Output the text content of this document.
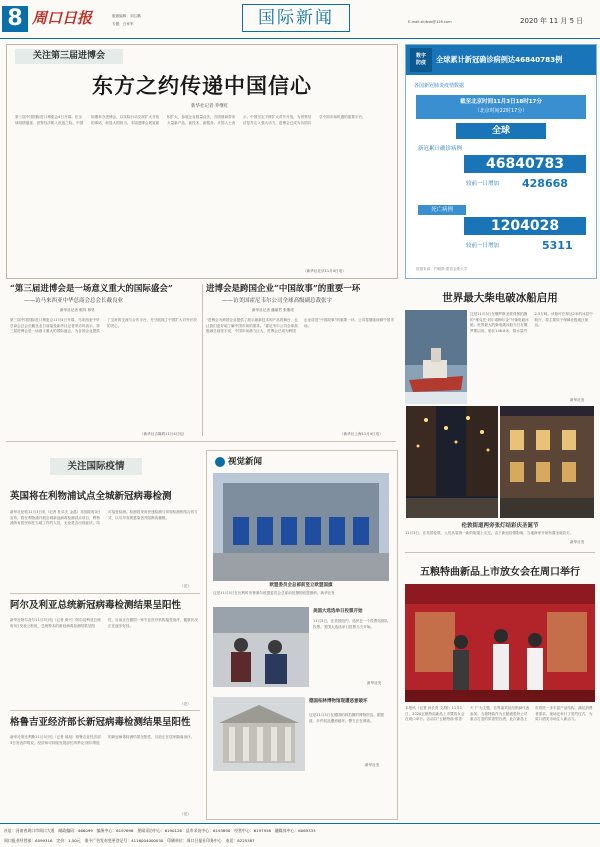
8 周口日报	版面编辑：刘召鹏
专题：白家军	国际新闻	E-mail:zkrbsb@126.com	2020 年 11 月 5 日
关注第三届进博会
东方之约传递中国信心
新华社记者 乔继红
第三届中国国际进口博览会4日开幕。在全球疫情蔓延、世界经济陷入低迷之际，中国如期举办进博会，以实际行动兑现扩大开放的承诺，彰显大国担当。本届进博会展览面积扩大，参展企业数量众多，各国展商带来大量新产品、新技术、新服务。多国人士表示，中国坚定不移扩大对外开放，为世界经济复苏注入强大动力，进博会已成为各国共享中国市场机遇的重要平台。
（新华社北京11月4日电）
“第三届进博会是一场意义重大的国际盛会”
——访马来西亚中华总商会总会长戴良业
新华社记者 郁玮 林昊
第三届中国国际进口博览会11月4日开幕。马来西亚中华总商会总会长戴良业日前接受新华社记者采访时表示，第三届进博会是一场意义重大的国际盛会，为各国企业提供了宝贵的交流与合作平台，充分展现了中国扩大对外开放的决心。
（新华社吉隆坡11月4日电）
进博会是跨国企业“中国故事”的重要一环
——访美国霍尼韦尔公司全球高级副总裁张宇
新华社记者 潘丽君 张墨成
“进博会为跨国企业提供了展示最新技术和产品的舞台，也让我们更好地了解中国市场的需求。”霍尼韦尔公司全球高级副总裁张宇说，中国市场潜力巨大，进博会已成为跨国企业讲述“中国故事”的重要一环，公司将继续深耕中国市场。
（新华社上海11月4日电）
数字
防疫	全球累计新冠确诊病例达46840783例
各国新冠肺炎疫情数据
截至北京时间11月3日18时17分
（北京时间22时17分）
全球
新冠累计确诊病例
46840783
较前一日增加 428668
死亡病例
1204028
较前一日增加	5311
数据来源：约翰斯·霍普金斯大学
世界最大柴电破冰船启用
这是11月3日在俄罗斯圣彼得堡拍摄的“维克托·切尔诺梅尔金”号柴电破冰船。世界最大的柴电破冰船当日在俄罗斯启用，船长146.8米，排水量约2.5万吨。该船可在厚达2米的冰层中航行，将主要用于保障北极地区航运。
新华社发
伦敦街道两旁张灯结彩庆圣诞节
11月3日，在英国伦敦，人们从装饰一新的街道上走过。由于新冠疫情影响，当地商家开始布置圣诞彩灯。
新华社发
五粮特曲新品上市放女会在周口举行
本报讯（记者 孙长青 文/图）11月1日，2020五粮特曲新品上市暨放女会在周口举行。活动以“五粮特曲·浓香天下”为主题，各界嘉宾及经销商代表参加。五粮特曲作为五粮液股份公司重点打造的浓香型白酒，此次新品上市将进一步丰富产品结构，满足消费者需求。现场还举行了签约仪式，为周口酒类市场注入新活力。
关注国际疫情
英国将在利物浦试点全城新冠病毒检测
新华社伦敦11月3日电（记者 杜卓夫 金晶）英国政府3日宣布，将在利物浦开展全城新冠病毒检测试点项目，利物浦所有居民和在当地工作的人员，无论是否出现症状，均可接受检测。检测将采用快速检测与常规检测相结合的方式，以尽早发现感染者并阻断传播链。
（完）
阿尔及利亚总统新冠病毒检测结果呈阳性
新华社阿尔及尔11月3日电（记者 黄兴）阿尔及利亚总统府3日发表公报说，总统特本的新冠病毒检测结果呈阳性，目前正在德国一家专业医疗机构接受治疗，健康状况正在逐步好转。
（完）
格鲁吉亚经济部长新冠病毒检测结果呈阳性
新华社第比利斯11月3日电（记者 郝旭）格鲁吉亚经济部3日发表声明说，经济和可持续发展部长纳季克·图尔纳娃的新冠病毒检测结果呈阳性，目前正在居家隔离治疗。
（完）
视觉新闻
欧盟委员会总部前竖立欧盟国旗
这是11月3日在比利时布鲁塞尔欧盟委员会总部前拍摄的欧盟旗帜。新华社发
美国大选选举日投票开始
11月3日，在美国纽约，选民在一个投票站排队投票。美国大选选举日投票当天开始。
新华社发
德国柏林博物馆现遭恶意破坏
这是11月3日在德国柏林拍摄的博物馆岛。据报道，多件展品遭到破坏，警方正在调查。
新华社发
社址：河南省周口市周口大道　邮政编码：466099　编务中心：6197698　要闻采访中心：6190126　县市采访中心：6193890　经营中心：6197958　融媒体中心：6069333
周口报业经营部：6599316　定价：1.50元　准予广告发布变更登记号：4116004000030　印刷单位：周口日报社印务中心　电话：8225387
